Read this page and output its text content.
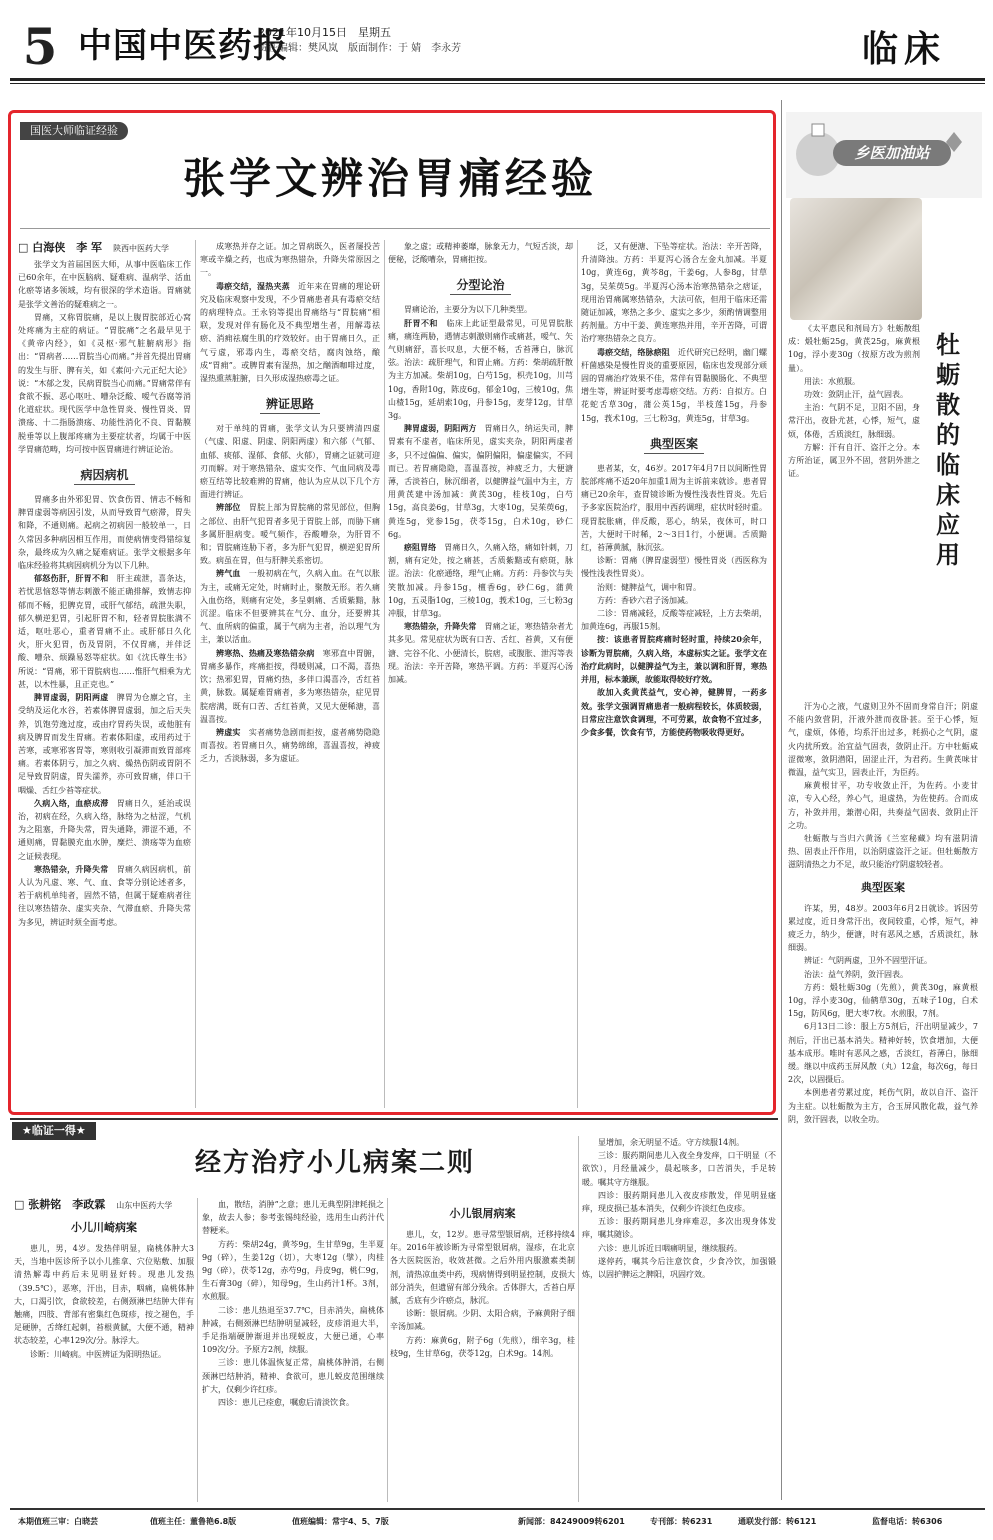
5 中国中医药报
2021年10月15日　星期五
责任编辑：樊风岚　版面制作：于 婧　李永芳	临床
国医大师临证经验
张学文辨治胃痛经验
□ 白海侠　李 军　 陕西中医药大学

张学文为首届国医大师，从事中医临床工作已60余年，在中医脑病、疑难病、温病学、活血化瘀等诸多领域，均有很深的学术造诣。胃痛就是张学文善治的疑难病之一。

胃痛，又称胃脘痛，是以上腹胃脘部近心窝处疼痛为主症的病证。“胃脘痛”之名最早见于《黄帝内经》，如《灵枢·邪气脏腑病形》指出：“胃病者……胃脘当心而痛。”并首先提出胃痛的发生与肝、脾有关，如《素问·六元正纪大论》说：“木郁之发，民病胃脘当心而痛。”胃痛常伴有食欲不振、恶心呕吐、嘈杂泛酸、嗳气吞腐等消化道症状。现代医学中急性胃炎、慢性胃炎、胃溃疡、十二指肠溃疡、功能性消化不良、胃黏膜脱垂等以上腹部疼痛为主要症状者，均属于中医学胃痛范畴，均可按中医胃痛进行辨证论治。

病因病机

胃痛多由外邪犯胃、饮食伤胃、情志不畅和脾胃虚弱等病因引发，从而导致胃气瘀滞，胃失和降，不通则痛。起病之初病因一般较单一，日久常因多种病因相互作用，而使病情变得错综复杂，最终成为久痛之疑难病证。张学文根据多年临床经验将其病因病机分为以下几种。

郁怒伤肝，肝胃不和　 肝主疏泄，喜条达，若忧思恼怒等情志刺激不能正确排解，致情志抑郁而不畅，犯脾克胃，或肝气郁结，疏泄失职，郁久横逆犯胃，引起肝胃不和，轻者胃脘胀满不适，呕吐恶心，重者胃痛不止。或肝郁日久化火，肝火犯胃，伤及胃阴，不仅胃痛，并伴泛酸、嘈杂、烦躁易怒等症状。如《沈氏尊生书》所说：“胃痛，邪干胃脘病也……惟肝气相乘为尤甚，以木性暴，且正克也。”

脾胃虚弱，阴阳两虚　 脾胃为仓廪之官，主受纳及运化水谷，若素体脾胃虚弱，加之后天失养，饥饱劳逸过度，或由疗胃药失误，或他脏有病及脾胃而发生胃痛。若素体阳虚，或用药过于苦寒，或寒邪客胃等，寒则收引凝滞而致胃部疼痛。若素体阴亏，加之久病、燥热伤阴或胃阴不足导致胃阴虚，胃失濡养，亦可致胃痛，伴口干咽燥、舌红少苔等症状。

久病入络，血瘀成滞　 胃痛日久，延治或误治，初病在经，久病入络，脉络为之枯涩，气机为之阻塞，升降失常，胃失通降，滞涩不通，不通则痛，胃黏膜充血水肿，糜烂、溃疡等为血瘀之证候表现。

寒热错杂，升降失常　 胃痛久病因病机，前人认为凡虚、寒、气、血、食等分别论述者多，若于病机单纯者，固然不错，但属于疑难病者往往以寒热错杂、虚实夹杂、气滞血瘀、升降失常为多见，辨证时须全面考虑。

成寒热并存之证。加之胃病既久，医者屡投苦寒或辛燥之药，也成为寒热错杂，升降失常原因之一。

毒瘀交结，湿热夹蒸　 近年来在胃痛的理论研究及临床观察中发现，不少胃痛患者具有毒瘀交结的病理特点。王永钧等提出胃痛络与“胃脘痛”相联，发现对伴有肠化及不典型增生者，用解毒祛瘀、消痈祛腐生肌的疗效较好。由于胃痛日久，正气亏虚，邪毒内生，毒瘀交结，腐肉蚀络，酿成“胃痈”。或脾胃素有湿热，加之酗酒咖啡过度，湿热熏蒸脏腑，日久形成湿热瘀毒之证。

辨证思路

对于单纯的胃痛，张学文认为只要辨清四虚（气虚、阳虚、阴虚、阴阳两虚）和六郁（气郁、血郁、痰郁、湿郁、食郁、火郁），胃痛之证就可迎刃而解。对于寒热错杂、虚实交作、气血同病及毒瘀互结等比较难辨的胃痛，他认为应从以下几个方面进行辨证。

辨部位　 胃脘上部为胃脘痛的常见部位，但胸之部位、由肝气犯胃者多见于胃脘上部，而胁下痛多属肝胆病变。嗳气频作，吞酸嘈杂，为肝胃不和；胃脘痛连胁下者，多为肝气犯胃，横逆犯胃所致。病虽在胃，但与肝脾关系密切。

辨气血　 一般初病在气，久病入血。在气以胀为主，或痛无定处，时痛时止，聚散无形。若久痛入血伤络，则痛有定处，多呈刺痛、舌质紫黯，脉沉涩。临床不但要辨其在气分、血分，还要辨其气、血所病的偏重，属于气病为主者，治以理气为主，兼以活血。

辨寒热、热痛及寒热错杂病　 寒邪直中胃腑，胃痛多暴作，疼痛拒按，得暖则减，口不渴，喜热饮；热邪犯胃，胃痛灼热，多伴口渴喜冷，舌红苔黄，脉数。属疑难胃痛者，多为寒热错杂，症见胃脘痞满，既有口苦、舌红苔黄，又见大便稀溏，喜温喜按。

辨虚实　 实者痛势急剧而拒按，虚者痛势隐隐而喜按。若胃痛日久，痛势绵绵，喜温喜按，神疲乏力，舌淡脉弱，多为虚证。

象之虚；或精神萎靡，脉象无力，气短舌淡，却便秘，泛酸嘈杂，胃痛拒按。

分型论治

胃痛论治，主要分为以下几种类型。

肝胃不和　 临床上此证型最常见，可见胃脘胀痛，痛连两胁，遇情志刺激则痛作或痛甚，嗳气、矢气则痛舒，喜长叹息，大便不畅，舌苔薄白，脉沉弦。治法：疏肝理气，和胃止痛。方药：柴胡疏肝散为主方加减。柴胡10g，白芍15g，枳壳10g，川芎10g，香附10g，陈皮6g，郁金10g，三棱10g，焦山楂15g，延胡索10g，丹参15g，麦芽12g，甘草3g。

脾胃虚弱，阴阳两方　 胃痛日久，纳运失司，脾胃素有不虚者，临床所见，虚实夹杂，阴阳两虚者多，只不过偏偏、偏实，偏阴偏阳，偏虚偏实，不同而已。若胃痛隐隐，喜温喜按，神疲乏力，大便溏薄，舌淡苔白，脉沉细者，以健脾益气温中为主，方用黄芪建中汤加减：黄芪30g，桂枝10g，白芍15g，高良姜6g，甘草3g，大枣10g，吴茱萸6g，黄连5g，党参15g，茯苓15g，白术10g，砂仁6g。

瘀阻胃络　 胃痛日久，久痛入络，痛如针刺，刀割，痛有定处，按之痛甚，舌质紫黯或有瘀斑，脉涩。治法：化瘀通络，理气止痛。方药：丹参饮与失笑散加减。丹参15g，檀香6g，砂仁6g，蒲黄10g，五灵脂10g，三棱10g，莪术10g，三七粉3g冲服，甘草3g。

寒热错杂，升降失常　 胃痛之证，寒热错杂者尤其多见。常见症状为既有口苦、舌红、苔黄，又有便溏、完谷不化、小便清长，脘痞，或腹胀、泄泻等表现。治法：辛开苦降，寒热平调。方药：半夏泻心汤加减。

泛，又有便溏、下坠等症状。治法：辛开苦降，升清降浊。方药：半夏泻心汤合左金丸加减。半夏10g，黄连6g，黄芩8g，干姜6g，人参8g，甘草3g，吴茱萸5g。半夏泻心汤本治寒热错杂之痞证，现用治胃痛属寒热错杂，大法可依，但用于临床还需随证加减，寒热之多少、虚实之多少，须酌情调整用药剂量。方中干姜、黄连寒热并用，辛开苦降，可谓治疗寒热错杂之良方。

毒瘀交结，络脉瘀阻　 近代研究已经明，幽门螺杆菌感染是慢性胃炎的重要原因，临床也发现部分顽固的胃痛治疗效果不佳，常伴有胃黏膜肠化、不典型增生等，辨证时要考虑毒瘀交结。方药：自拟方。白花蛇舌草30g，蒲公英15g，半枝莲15g，丹参15g，莪术10g，三七粉3g，黄连5g，甘草3g。

典型医案

患者某，女，46岁。2017年4月7日以间断性胃脘部疼痛不适20年加重1周为主诉前来就诊。患者胃痛已20余年，查胃镜诊断为慢性浅表性胃炎。先后予多家医院治疗，服用中西药调理，症状时轻时重。现胃脘胀痛，伴反酸，恶心，纳呆，夜休可，时口苦，大便时干时稀，2～3日1行，小便调。舌质黯红，苔薄黄腻，脉沉弦。

诊断：胃痛（脾胃虚弱型）慢性胃炎（西医称为慢性浅表性胃炎）。

治则：健脾益气，调中和胃。

方药：香砂六君子汤加减。

二诊：胃痛减轻，反酸等症减轻，上方去柴胡，加黄连6g，再服15剂。

按：该患者胃脘疼痛时轻时重，持续20余年，诊断为胃脘痛，久病入络，本虚标实之证。张学文在治疗此病时，以健脾益气为主，兼以调和肝胃，寒热并用，标本兼顾，故能取得较好疗效。

故加入炙黄芪益气，安心神，健脾胃，一药多效。张学文强调胃痛患者一般病程较长，体质较弱，日常应注意饮食调理，不可劳累，故食物不宜过多，少食多餐，饮食有节，方能使药物吸收得更好。

乡医加油站
牡蛎散的临床应用

《太平惠民和剂局方》牡蛎散组成：煅牡蛎25g，黄芪25g，麻黄根10g，浮小麦30g（按原方改为煎剂量）。

用法：水煎服。

功效：敛阴止汗，益气固表。

主治：气阴不足，卫阳不固，身常汗出，夜卧尤甚，心悸，短气，虚烦，体倦，舌质淡红，脉细弱。

方解：汗有自汗、盗汗之分。本方所治证，属卫外不固，营阴外泄之证。

汗为心之液，气虚则卫外不固而身常自汗；阴虚不能内敛营阴，汗液外泄而夜卧甚。至于心悸，短气，虚烦，体倦，均系汗出过多，耗损心之气阴，虚火内扰所致。治宜益气固表，敛阴止汗。方中牡蛎咸涩微寒，敛阴潜阳，固涩止汗，为君药。生黄芪味甘微温，益气实卫，固表止汗，为臣药。

麻黄根甘平，功专收敛止汗，为佐药。小麦甘凉，专入心经，养心气，退虚热，为佐使药。合而成方，补敛并用，兼潜心阳，共奏益气固表、敛阴止汗之功。

牡蛎散与当归六黄汤《兰室秘藏》均有滋阴清热、固表止汗作用，以治阴虚盗汗之证。但牡蛎散方滋阴清热之力不足，故只能治疗阴虚较轻者。

典型医案

许某，男，48岁。2003年6月2日就诊。诉因劳累过度，近日身常汗出，夜间较重，心悸，短气，神疲乏力，纳少，便溏，时有恶风之感，舌质淡红，脉细弱。

辨证：气阴两虚，卫外不固型汗证。

治法：益气养阴，敛汗固表。

方药：煅牡蛎30g（先煎），黄芪30g，麻黄根10g，浮小麦30g，仙鹤草30g，五味子10g，白术15g，防风6g，肥大枣7枚。水煎服，7剂。

6月13日二诊：服上方5剂后，汗出明显减少，7剂后，汗出已基本消失。精神好转，饮食增加，大便基本成形。唯时有恶风之感，舌淡红，苔薄白，脉细缓。继以中成药玉屏风散（丸）12盒，每次6g，每日2次，以固摄后。

本例患者劳累过度，耗伤气阴，故以自汗、盗汗为主症。以牡蛎散为主方，合玉屏风散化裁，益气养阴，敛汗固表，以收全功。

★临证一得★
经方治疗小儿病案二则
□ 张耕铭　李政霖　 山东中医药大学
小儿川崎病案

患儿，男，4岁。发热伴明显，扁桃体肿大3天，当地中医诊所予以小儿推拿、穴位贴敷、加服清热解毒中药后未见明显好转。现患儿发热（39.5℃），恶寒，汗出，目赤，咽痛，扁桃体肿大，口渴引饮，食欲较差，右侧颈淋巴结肿大伴有触痛，四肢、背部有密集红色斑疹，按之褪色，手足硬肿，舌绛红起刺，苔根黄腻，大便不通，精神状态较差，心率129次/分。脉浮大。

诊断：川崎病。中医辨证为阳明热证。

血，散结，消肿”之意；患儿无典型阴津耗损之象，故去人参；参考张锡纯经验，选用生山药汁代替粳米。

方药：柴胡24g，黄芩9g，生甘草9g，生半夏9g（碎），生姜12g（切），大枣12g（擘），肉桂9g（碎），茯苓12g，赤芍9g，丹皮9g，桃仁9g，生石膏30g（碎），知母9g，生山药汁1杯。3剂，水煎服。

二诊：患儿热退至37.7℃，目赤消失，扁桃体肿减，右侧颈淋巴结肿明显减轻，皮疹消退大半，手足指端硬肿渐退并出现蜕皮，大便已通，心率109次/分。予原方2剂，续服。

三诊：患儿体温恢复正常，扁桃体肿消，右侧颈淋巴结肿消，精神、食欲可，患儿蜕皮范围继续扩大，仅剩少许红疹。

四诊：患儿已痊愈，嘱愈后清淡饮食。

小儿银屑病案

患儿，女，12岁。患寻常型银屑病，迁移持续4年。2016年被诊断为寻常型银屑病，湿疹，在北京各大医院医治，收效甚微。之后外用内服激素类制剂，清热凉血类中药，现病情得到明显控制，皮损大部分消失，但遗留有部分残余。舌体胖大，舌苔白厚腻，舌底有少许瘀点，脉沉。

诊断：银屑病。少阴、太阳合病，予麻黄附子细辛汤加减。

方药：麻黄6g，附子6g（先煎），细辛3g，桂枝9g，生甘草6g，茯苓12g，白术9g。14剂。

显增加，余无明显不适。守方续服14剂。

三诊：服药期间患儿入夜全身发痒，口干明显（不欲饮），月经量减少，晨起咳多，口苦消失，手足转暖。嘱其守方继服。

四诊：服药期间患儿入夜皮疹散发，伴见明显瘙痒，现皮损已基本消失，仅剩少许淡红色皮疹。

五诊：服药期间患儿身痒难忍，多次出现身体发痒，嘱其随诊。

六诊：患儿诉近日咽痛明显，继续服药。

遂停药，嘱其今后注意饮食，少食冷饮，加强锻炼，以固护脾运之脾阳，巩固疗效。

本期值班三审：白晓芸	值班主任：董鲁艳6.8版	值班编辑：常宇4、5、7版	新闻部：84249009转6201	专刊部：转6231	通联发行部：转6121	监督电话：转6306
